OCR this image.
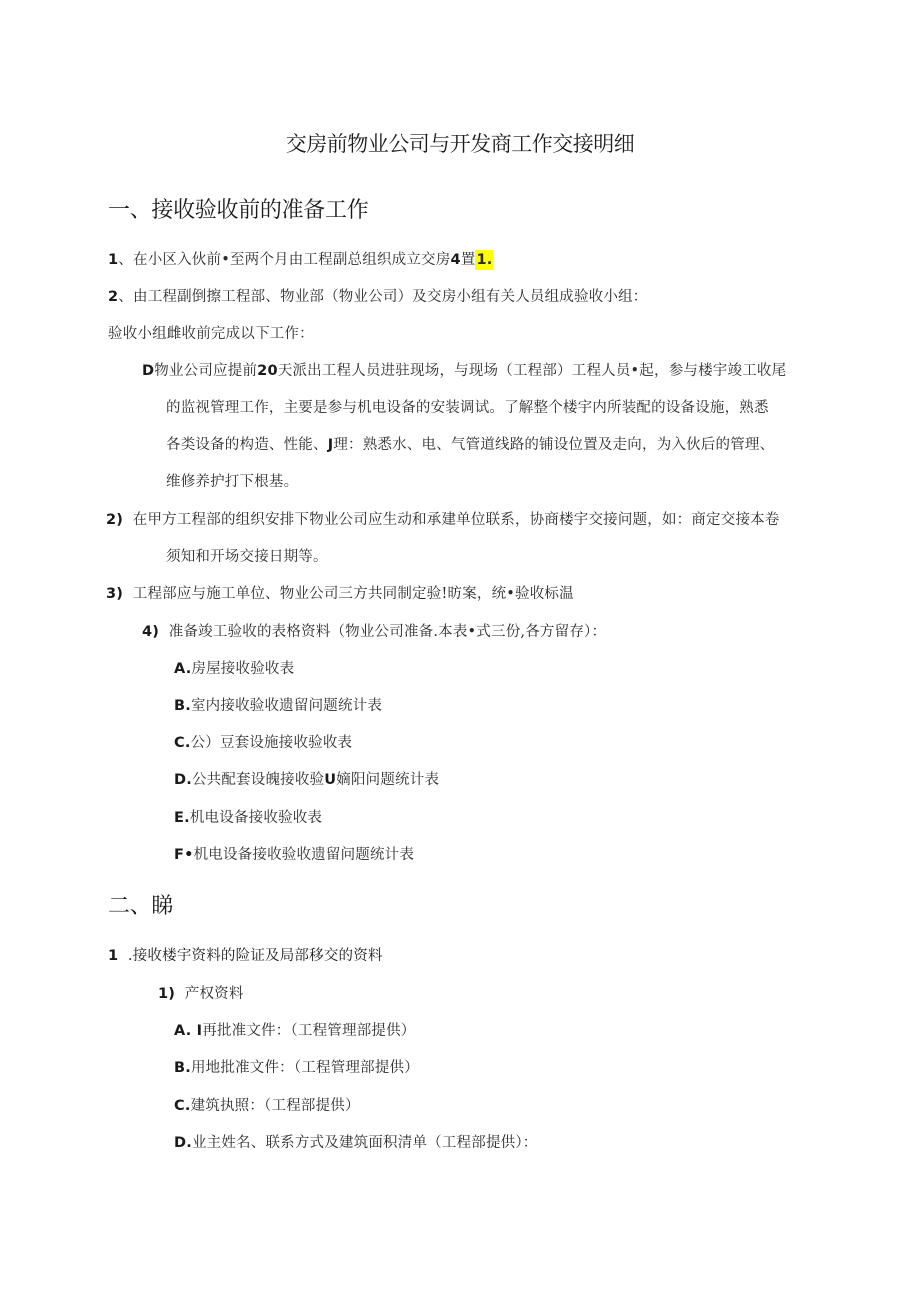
交房前物业公司与开发商工作交接明细
一、接收验收前的准备工作
1、在小区入伙前•至两个月由工程副总组织成立交房4置1.
2、由工程副倒擦工程部、物业部（物业公司）及交房小组有关人员组成验收小组：
验收小组雌收前完成以下工作：
D物业公司应提前20天派出工程人员进驻现场，与现场（工程部）工程人员•起，参与楼宇竣工收尾
的监视管理工作，主要是参与机电设备的安装调试。了解整个楼宇内所装配的设备设施，熟悉
各类设备的构造、性能、J理：熟悉水、电、气管道线路的铺设位置及走向，为入伙后的管理、
维修养护打下根基。
2) 在甲方工程部的组织安排下物业公司应生动和承建单位联系，协商楼宇交接问题，如：商定交接本卷
须知和开场交接日期等。
3) 工程部应与施工单位、物业公司三方共同制定验!昉案，统•验收标温
4) 准备竣工验收的表格资料（物业公司准备.本表•式三份,各方留存）：
A.房屋接收验收表
B.室内接收验收遗留问题统计表
C.公）豆套设施接收验收表
D.公共配套设魄接收验U嫡阳问题统计表
E.机电设备接收验收表
F•机电设备接收验收遗留问题统计表
二、睇
1  .接收楼宇资料的险证及局部移交的资料
1) 产权资料
A. I再批准文件：（工程管理部提供）
B.用地批准文件：（工程管理部提供）
C.建筑执照：（工程部提供）
D.业主姓名、联系方式及建筑面积清单（工程部提供）：
